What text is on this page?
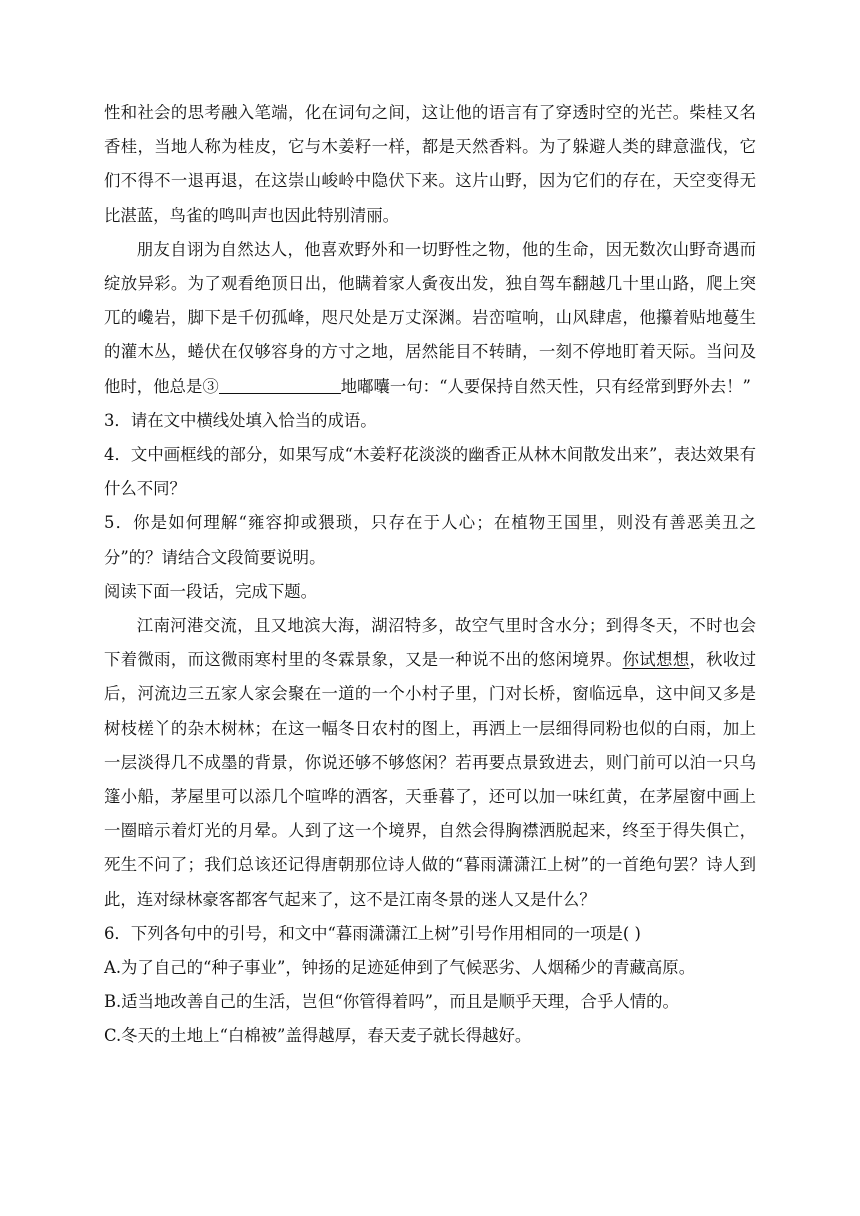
性和社会的思考融入笔端，化在词句之间，这让他的语言有了穿透时空的光芒。柴桂又名香桂，当地人称为桂皮，它与木姜籽一样，都是天然香料。为了躲避人类的肆意滥伐，它们不得不一退再退，在这崇山峻岭中隐伏下来。这片山野，因为它们的存在，天空变得无比湛蓝，鸟雀的鸣叫声也因此特别清丽。

朋友自诩为自然达人，他喜欢野外和一切野性之物，他的生命，因无数次山野奇遇而绽放异彩。为了观看绝顶日出，他瞒着家人夤夜出发，独自驾车翻越几十里山路，爬上突兀的巉岩，脚下是千仞孤峰，咫尺处是万丈深渊。岩峦喧响，山风肆虐，他攥着贴地蔓生的灌木丛，蜷伏在仅够容身的方寸之地，居然能目不转睛，一刻不停地盯着天际。当问及他时，他总是③	地嘟囔一句：“人要保持自然天性，只有经常到野外去！”

3．请在文中横线处填入恰当的成语。

4．文中画框线的部分，如果写成“木姜籽花淡淡的幽香正从林木间散发出来”，表达效果有什么不同？

5．你是如何理解“雍容抑或猥琐，只存在于人心；在植物王国里，则没有善恶美丑之分”的？请结合文段简要说明。

阅读下面一段话，完成下题。

江南河港交流，且又地滨大海，湖沼特多，故空气里时含水分；到得冬天，不时也会下着微雨，而这微雨寒村里的冬霖景象，又是一种说不出的悠闲境界。你试想想，秋收过后，河流边三五家人家会聚在一道的一个小村子里，门对长桥，窗临远阜，这中间又多是树枝槎丫的杂木树林；在这一幅冬日农村的图上，再洒上一层细得同粉也似的白雨，加上一层淡得几不成墨的背景，你说还够不够悠闲？若再要点景致进去，则门前可以泊一只乌篷小船，茅屋里可以添几个喧哗的酒客，天垂暮了，还可以加一味红黄，在茅屋窗中画上一圈暗示着灯光的月晕。人到了这一个境界，自然会得胸襟洒脱起来，终至于得失俱亡，死生不问了；我们总该还记得唐朝那位诗人做的“暮雨潇潇江上树”的一首绝句罢？诗人到此，连对绿林豪客都客气起来了，这不是江南冬景的迷人又是什么？

6．下列各句中的引号，和文中“暮雨潇潇江上树”引号作用相同的一项是( )

A.为了自己的“种子事业”，钟扬的足迹延伸到了气候恶劣、人烟稀少的青藏高原。

B.适当地改善自己的生活，岂但“你管得着吗”，而且是顺乎天理，合乎人情的。

C.冬天的土地上“白棉被”盖得越厚，春天麦子就长得越好。
